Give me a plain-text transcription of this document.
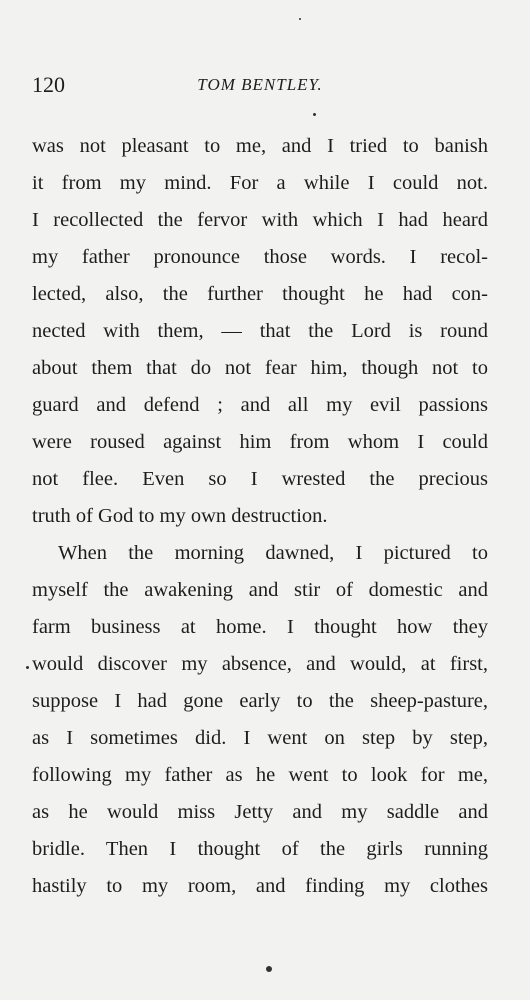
120	TOM BENTLEY.
was not pleasant to me, and I tried to banish
it from my mind. For a while I could not.
I recollected the fervor with which I had heard
my father pronounce those words. I recol-
lected, also, the further thought he had con-
nected with them, — that the Lord is round
about them that do not fear him, though not to
guard and defend ; and all my evil passions
were roused against him from whom I could
not flee. Even so I wrested the precious
truth of God to my own destruction.
When the morning dawned, I pictured to
myself the awakening and stir of domestic and
farm business at home. I thought how they
would discover my absence, and would, at first,
suppose I had gone early to the sheep-pasture,
as I sometimes did. I went on step by step,
following my father as he went to look for me,
as he would miss Jetty and my saddle and
bridle. Then I thought of the girls running
hastily to my room, and finding my clothes
